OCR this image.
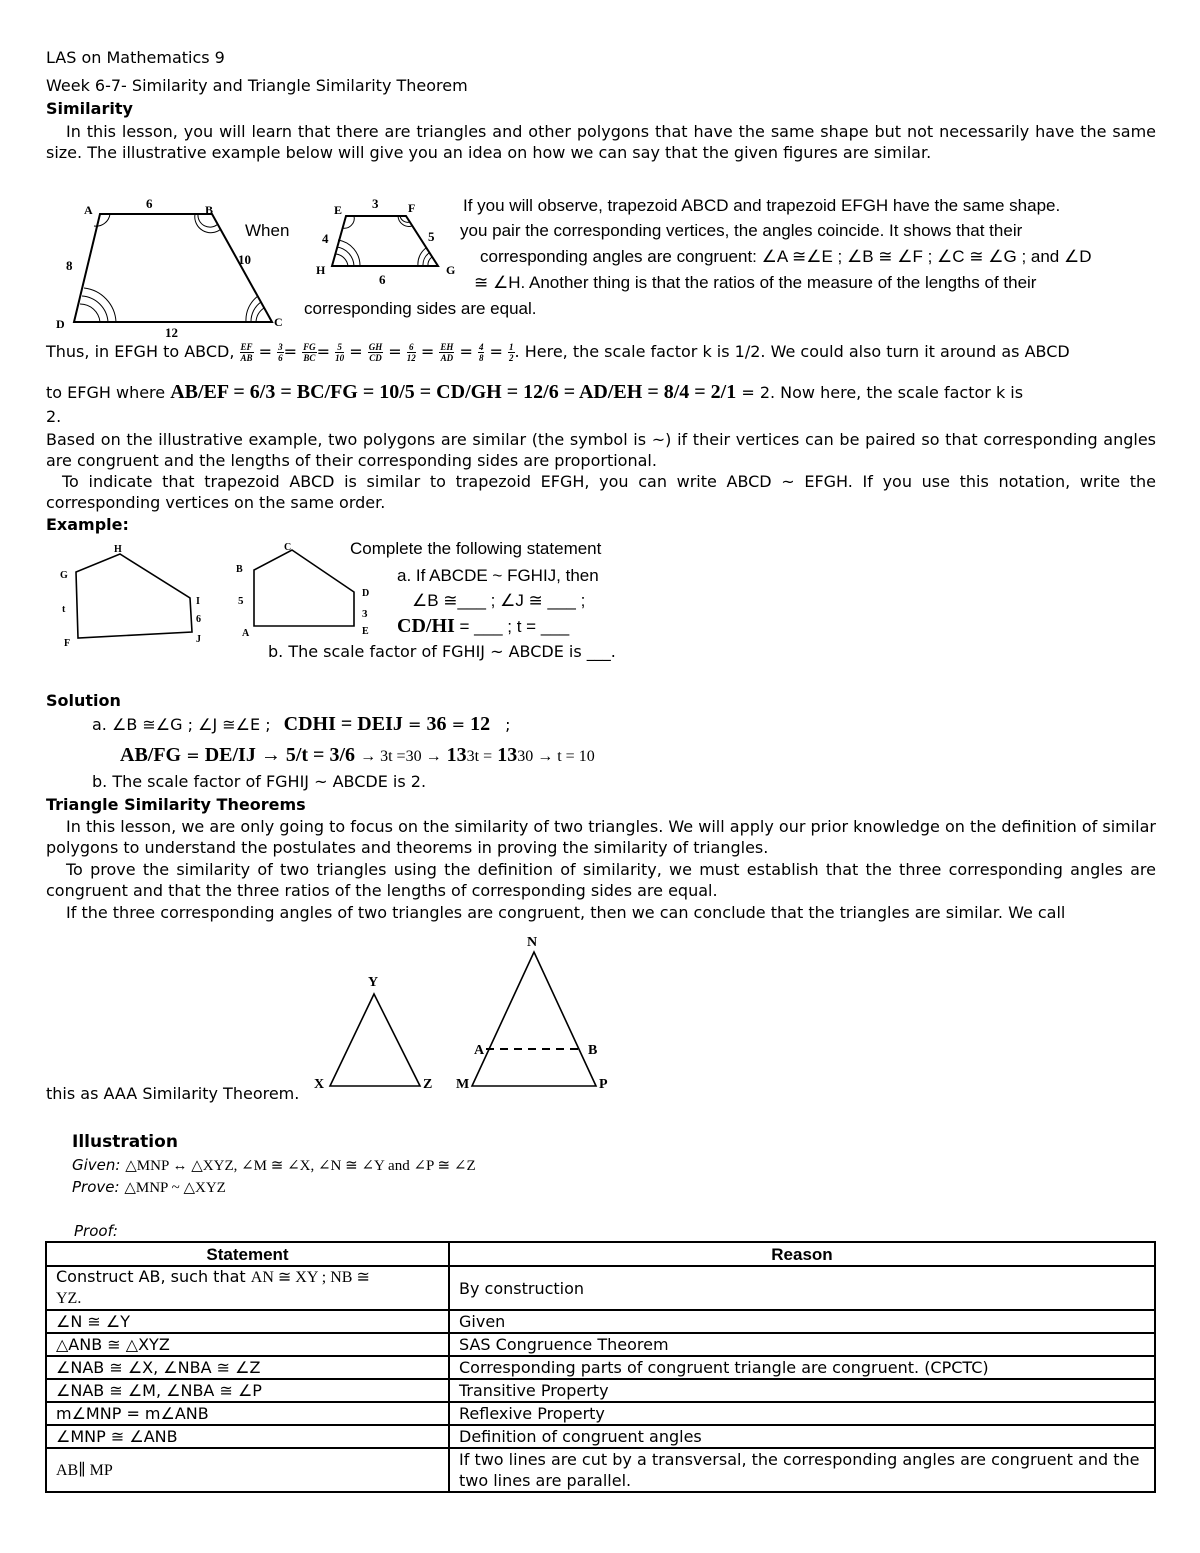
LAS on Mathematics 9
Week 6-7- Similarity and Triangle Similarity Theorem
Similarity
In this lesson, you will learn that there are triangles and other polygons that have the same shape but not necessarily have the same size. The illustrative example below will give you an idea on how we can say that the given figures are similar.
A	B
C
D
6
10
12
8
When
E	F
G
H
3
5
6
4
If you will observe, trapezoid ABCD and trapezoid EFGH have the same shape.
you pair the corresponding vertices, the angles coincide. It shows that their
corresponding angles are congruent: ∠A ≅∠E ; ∠B ≅ ∠F ; ∠C ≅ ∠G ; and ∠D
≅ ∠H. Another thing is that the ratios of the measure of the lengths of their
corresponding sides are equal.
Thus, in EFGH to ABCD, $\frac{EF}{AB} = \frac{3}{6} = \frac{FG}{BC} = \frac{5}{10} = \frac{GH}{CD} = \frac{6}{12} = \frac{EH}{AD} = \frac{4}{8} = \frac{1}{2}$ . Here, the scale factor k is 1/2. We could also turn it around as ABCD
to EFGH where AB/EF = 6/3 = BC/FG = 10/5 = CD/GH = 12/6 = AD/EH = 8/4 = 2/1 = 2. Now here, the scale factor k is
2.
Based on the illustrative example, two polygons are similar (the symbol is ~) if their vertices can be paired so that corresponding angles are congruent and the lengths of their corresponding sides are proportional.
To indicate that trapezoid ABCD is similar to trapezoid EFGH, you can write ABCD ~ EFGH. If you use this notation, write the corresponding vertices on the same order.
Example:
H
G
F
I
J
t
6
C
B
A
D
E
5
3
Complete the following statement
a. If ABCDE ~ FGHIJ, then
∠B ≅___ ; ∠J ≅ ___ ;
CD/HI = ___ ; t = ___
b. The scale factor of FGHIJ ~ ABCDE is ___.
Solution
a. ∠B ≅∠G ; ∠J ≅∠E ; CDHI = DEIJ = 36 = 12 ;
AB/FG = DE/IJ → 5/t = 3/6 → 3t =30 → 133t = 1330 → t = 10
b. The scale factor of FGHIJ ~ ABCDE is 2.
Triangle Similarity Theorems
In this lesson, we are only going to focus on the similarity of two triangles. We will apply our prior knowledge on the definition of similar polygons to understand the postulates and theorems in proving the similarity of triangles.
To prove the similarity of two triangles using the definition of similarity, we must establish that the three corresponding angles are congruent and that the three ratios of the lengths of corresponding sides are equal.
If the three corresponding angles of two triangles are congruent, then we can conclude that the triangles are similar. We call
X
Y
Z
N
M	P
A	B
this as AAA Similarity Theorem.
Illustration
Given: △MNP ↔ △XYZ, ∠M ≅ ∠X, ∠N ≅ ∠Y and ∠P ≅ ∠Z
Prove: △MNP ~ △XYZ
Proof:
Statement	Reason
Construct AB, such that AN ≅ XY ; NB ≅
YZ.	By construction
∠N ≅ ∠Y	Given
△ANB ≅ △XYZ	SAS Congruence Theorem
∠NAB ≅ ∠X, ∠NBA ≅ ∠Z	Corresponding parts of congruent triangle are congruent. (CPCTC)
∠NAB ≅ ∠M, ∠NBA ≅ ∠P	Transitive Property
m∠MNP = m∠ANB	Reflexive Property
∠MNP ≅ ∠ANB	Definition of congruent angles
AB∥ MP	If two lines are cut by a transversal, the corresponding angles are congruent and the two lines are parallel.
